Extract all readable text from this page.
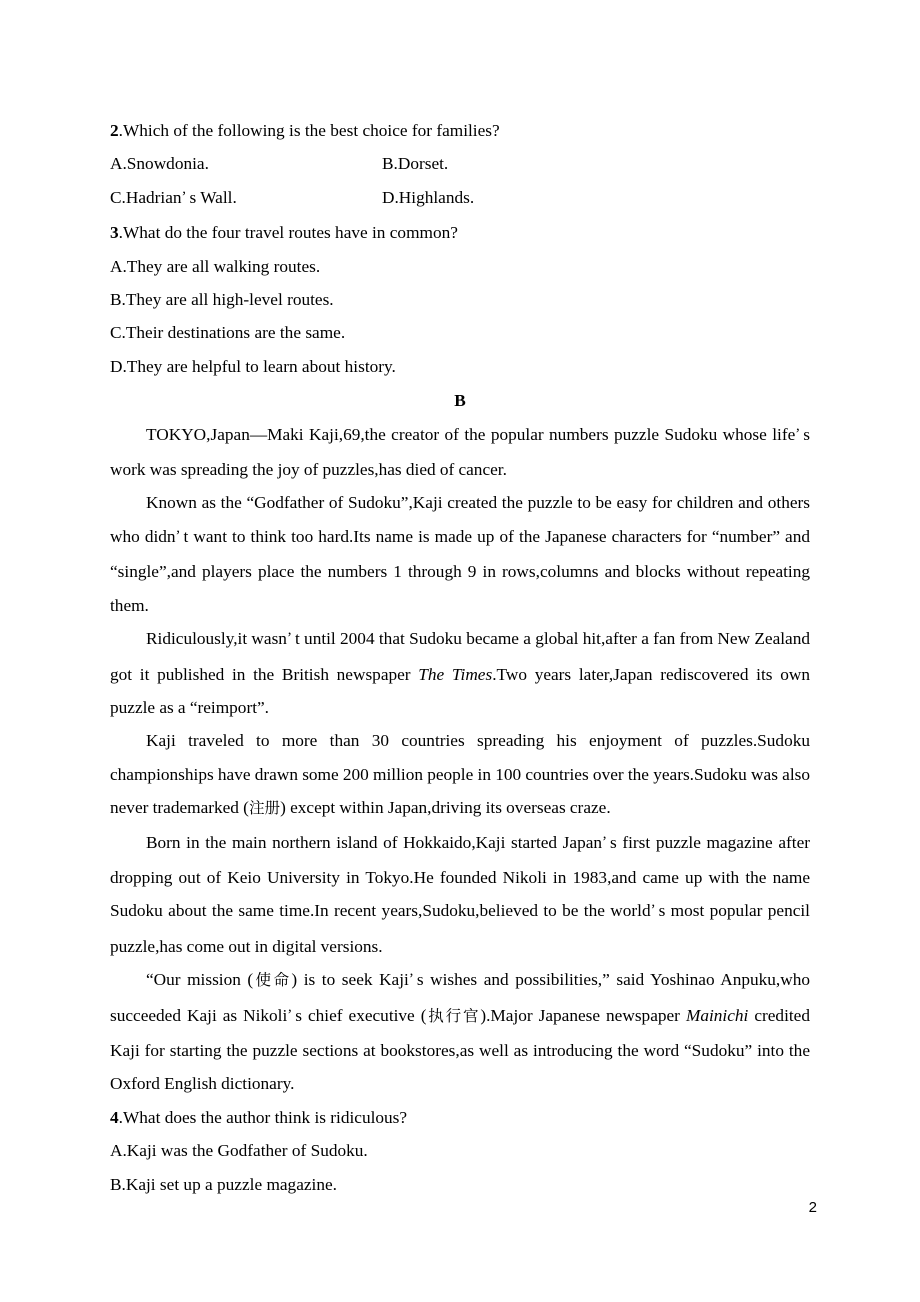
2.Which of the following is the best choice for families?
A.Snowdonia.	B.Dorset.
C.Hadrian’ s Wall.	D.Highlands.
3.What do the four travel routes have in common?
A.They are all walking routes.
B.They are all high-level routes.
C.Their destinations are the same.
D.They are helpful to learn about history.
B
TOKYO,Japan—Maki Kaji,69,the creator of the popular numbers puzzle Sudoku whose life’ s work was spreading the joy of puzzles,has died of cancer.
Known as the “Godfather of Sudoku”,Kaji created the puzzle to be easy for children and others who didn’ t want to think too hard.Its name is made up of the Japanese characters for “number” and “single”,and players place the numbers 1 through 9 in rows,columns and blocks without repeating them.
Ridiculously,it wasn’ t until 2004 that Sudoku became a global hit,after a fan from New Zealand got it published in the British newspaper The Times.Two years later,Japan rediscovered its own puzzle as a “reimport”.
Kaji traveled to more than 30 countries spreading his enjoyment of puzzles.Sudoku championships have drawn some 200 million people in 100 countries over the years.Sudoku was also never trademarked (注册) except within Japan,driving its overseas craze.
Born in the main northern island of Hokkaido,Kaji started Japan’ s first puzzle magazine after dropping out of Keio University in Tokyo.He founded Nikoli in 1983,and came up with the name Sudoku about the same time.In recent years,Sudoku,believed to be the world’ s most popular pencil puzzle,has come out in digital versions.
“Our mission (使命) is to seek Kaji’ s wishes and possibilities,” said Yoshinao Anpuku,who succeeded Kaji as Nikoli’ s chief executive (执行官).Major Japanese newspaper Mainichi credited Kaji for starting the puzzle sections at bookstores,as well as introducing the word “Sudoku” into the Oxford English dictionary.
4.What does the author think is ridiculous?
A.Kaji was the Godfather of Sudoku.
B.Kaji set up a puzzle magazine.
2
